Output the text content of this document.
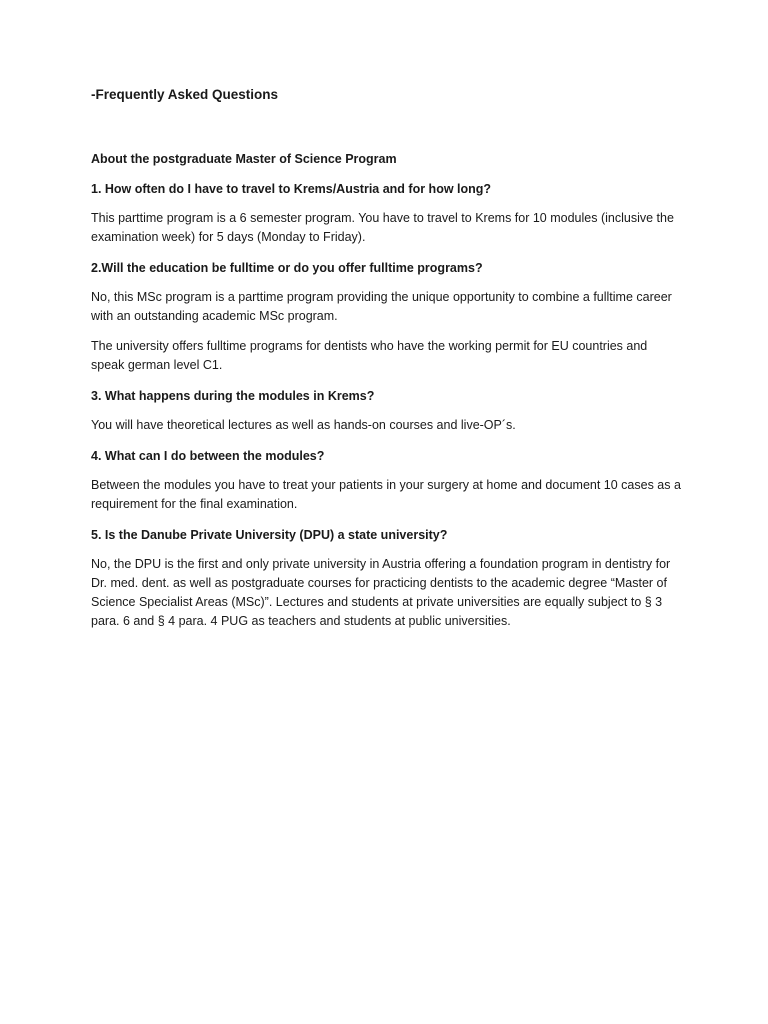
-Frequently Asked Questions

About the postgraduate Master of Science Program

1. How often do I have to travel to Krems/Austria and for how long?

This parttime program is a 6 semester program. You have to travel to Krems for 10 modules (inclusive the examination week) for 5 days (Monday to Friday).

2.Will the education be fulltime or do you offer fulltime programs?

No, this MSc program is a parttime program providing the unique opportunity to combine a fulltime career with an outstanding academic MSc program.

The university offers fulltime programs for dentists who have the working permit for EU countries and speak german level C1.

3. What happens during the modules in Krems?

You will have theoretical lectures as well as hands-on courses and live-OP´s.

4. What can I do between the modules?

Between the modules you have to treat your patients in your surgery at home and document 10 cases as a requirement for the final examination.

5. Is the Danube Private University (DPU) a state university?

No, the DPU is the first and only private university in Austria offering a foundation program in dentistry for Dr. med. dent. as well as postgraduate courses for practicing dentists to the academic degree “Master of Science Specialist Areas (MSc)”. Lectures and students at private universities are equally subject to § 3 para. 6 and § 4 para. 4 PUG as teachers and students at public universities.
